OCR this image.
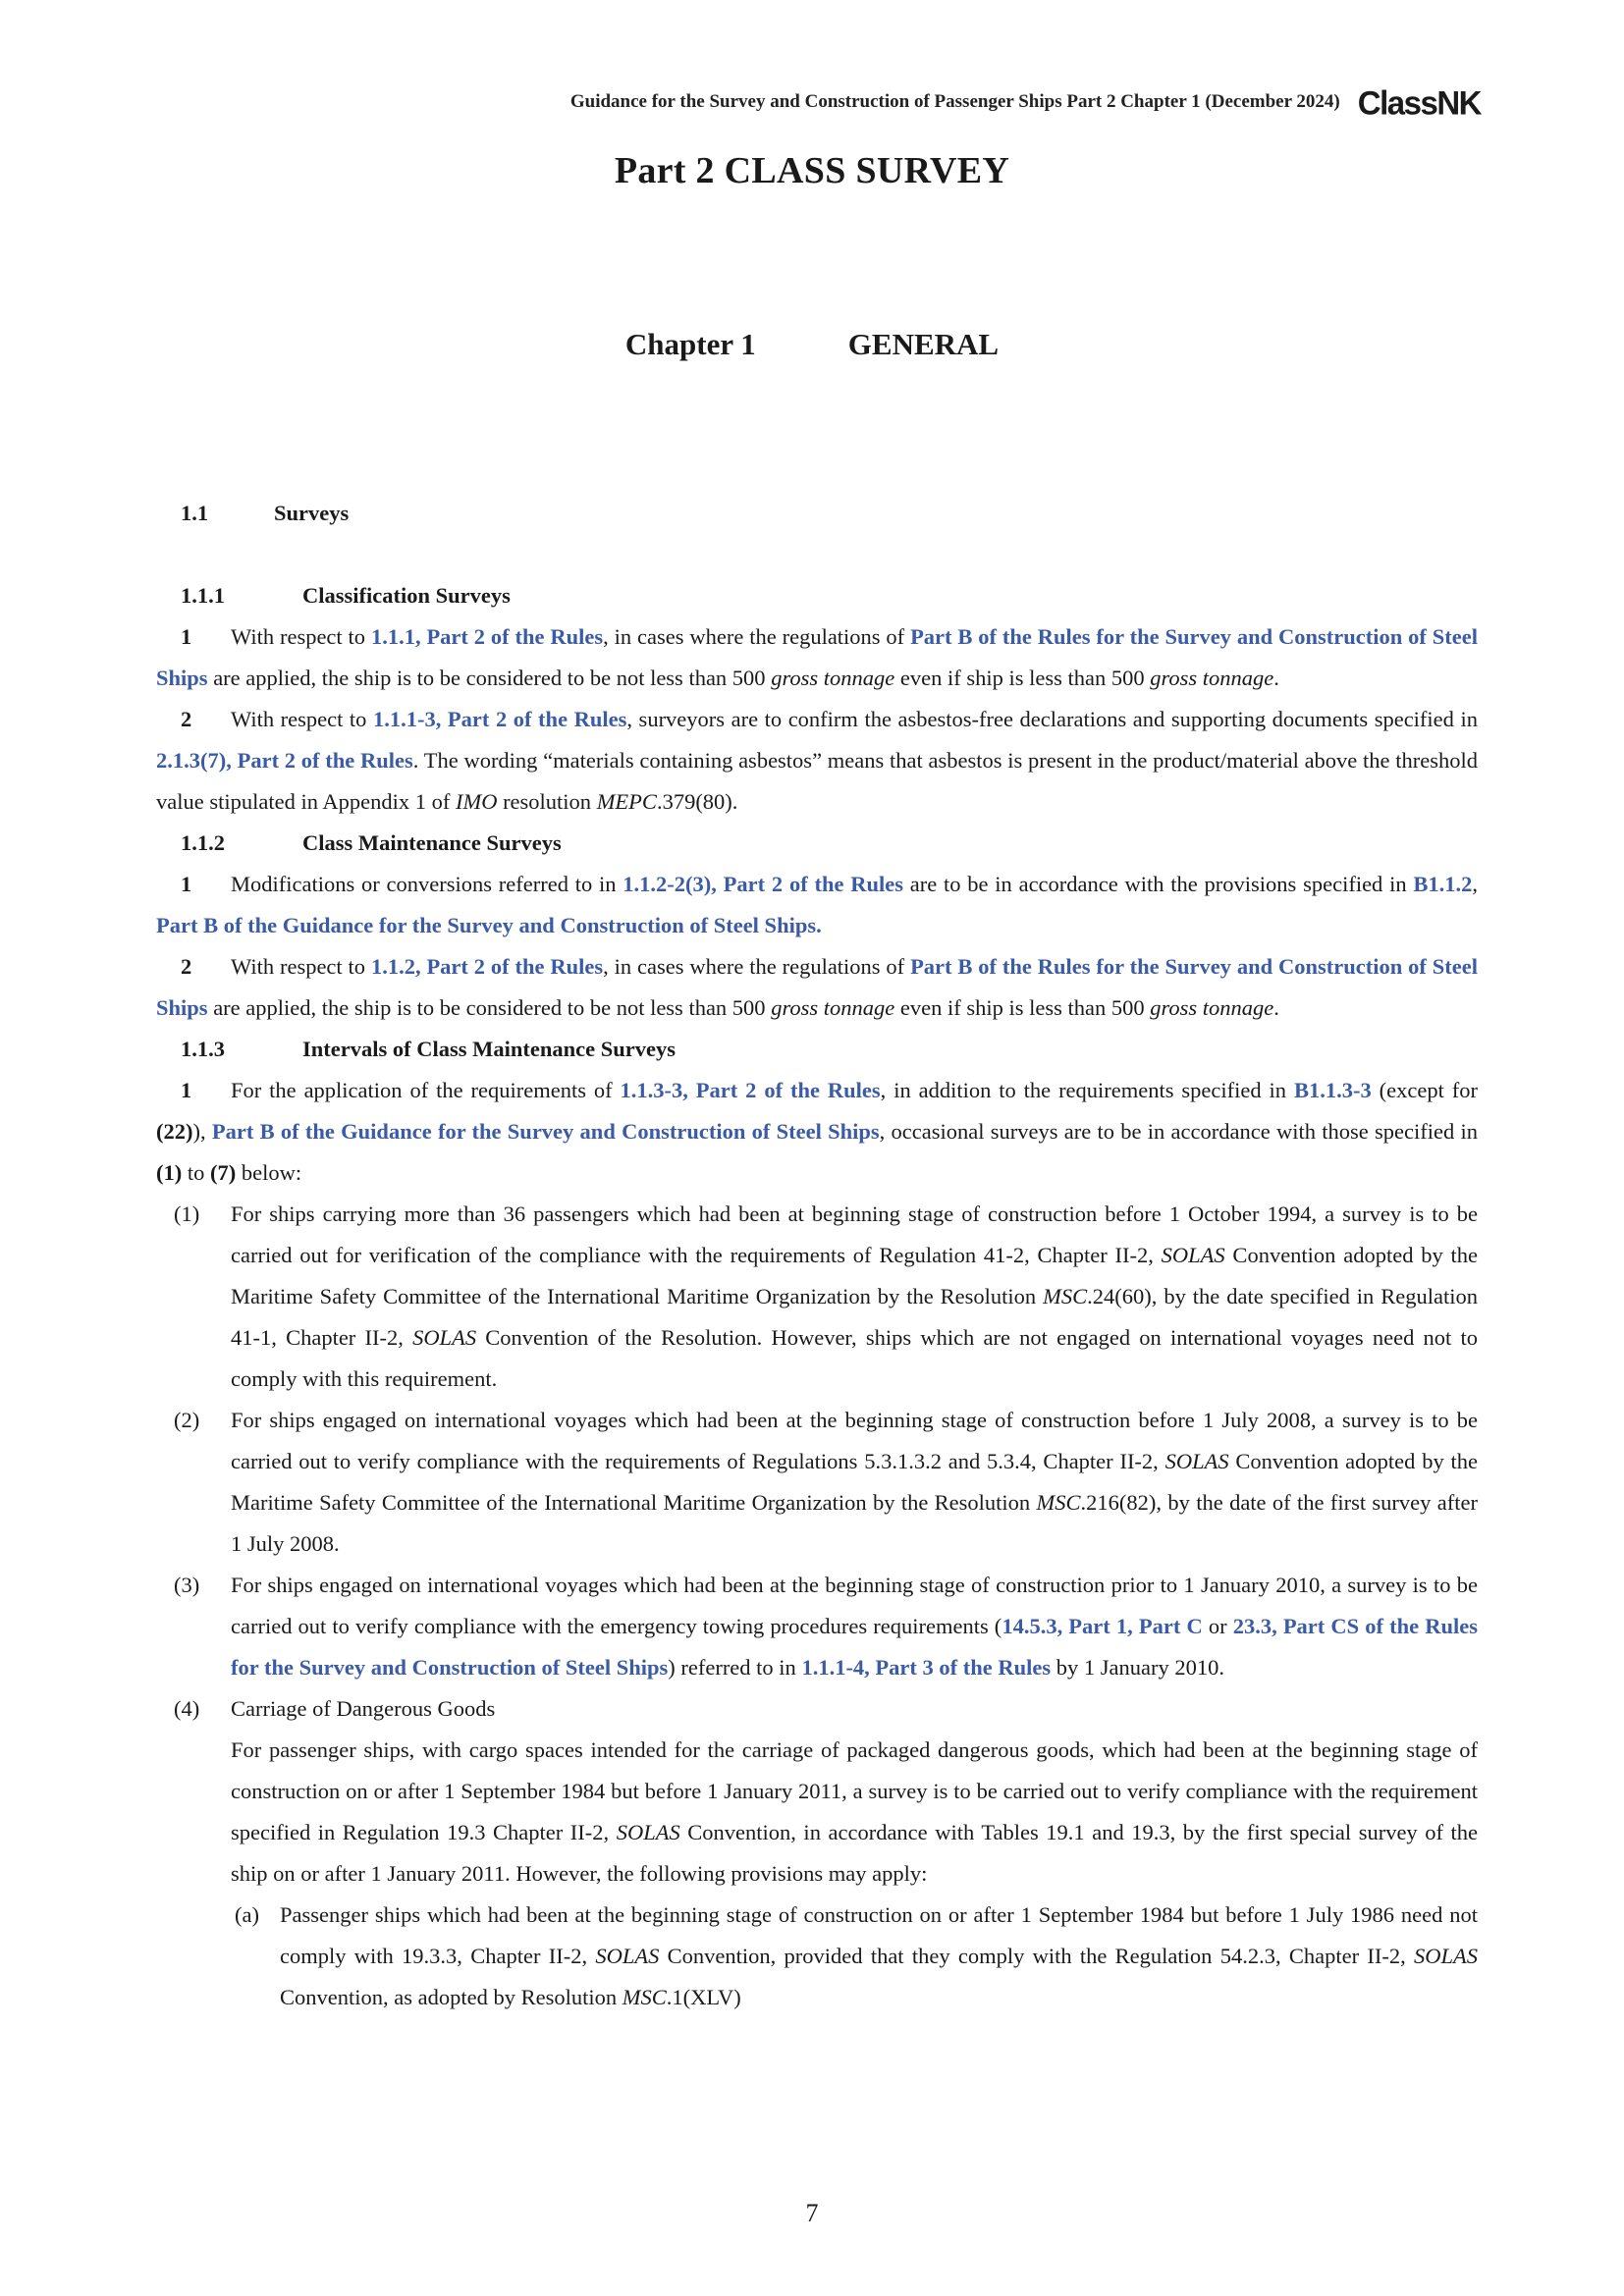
Guidance for the Survey and Construction of Passenger Ships Part 2 Chapter 1 (December 2024) ClassNK
Part 2 CLASS SURVEY
Chapter 1	GENERAL
1.1	Surveys
1.1.1	Classification Surveys

1 With respect to 1.1.1, Part 2 of the Rules, in cases where the regulations of Part B of the Rules for the Survey and Construction of Steel Ships are applied, the ship is to be considered to be not less than 500 gross tonnage even if ship is less than 500 gross tonnage.

2 With respect to 1.1.1-3, Part 2 of the Rules, surveyors are to confirm the asbestos-free declarations and supporting documents specified in 2.1.3(7), Part 2 of the Rules. The wording “materials containing asbestos” means that asbestos is present in the product/material above the threshold value stipulated in Appendix 1 of IMO resolution MEPC.379(80).

1.1.2	Class Maintenance Surveys

1 Modifications or conversions referred to in 1.1.2-2(3), Part 2 of the Rules are to be in accordance with the provisions specified in B1.1.2, Part B of the Guidance for the Survey and Construction of Steel Ships.

2 With respect to 1.1.2, Part 2 of the Rules, in cases where the regulations of Part B of the Rules for the Survey and Construction of Steel Ships are applied, the ship is to be considered to be not less than 500 gross tonnage even if ship is less than 500 gross tonnage.

1.1.3	Intervals of Class Maintenance Surveys

1 For the application of the requirements of 1.1.3-3, Part 2 of the Rules, in addition to the requirements specified in B1.1.3-3 (except for (22)), Part B of the Guidance for the Survey and Construction of Steel Ships, occasional surveys are to be in accordance with those specified in (1) to (7) below:

(1) For ships carrying more than 36 passengers which had been at beginning stage of construction before 1 October 1994, a survey is to be carried out for verification of the compliance with the requirements of Regulation 41-2, Chapter II-2, SOLAS Convention adopted by the Maritime Safety Committee of the International Maritime Organization by the Resolution MSC.24(60), by the date specified in Regulation 41-1, Chapter II-2, SOLAS Convention of the Resolution. However, ships which are not engaged on international voyages need not to comply with this requirement.

(2) For ships engaged on international voyages which had been at the beginning stage of construction before 1 July 2008, a survey is to be carried out to verify compliance with the requirements of Regulations 5.3.1.3.2 and 5.3.4, Chapter II-2, SOLAS Convention adopted by the Maritime Safety Committee of the International Maritime Organization by the Resolution MSC.216(82), by the date of the first survey after 1 July 2008.

(3) For ships engaged on international voyages which had been at the beginning stage of construction prior to 1 January 2010, a survey is to be carried out to verify compliance with the emergency towing procedures requirements (14.5.3, Part 1, Part C or 23.3, Part CS of the Rules for the Survey and Construction of Steel Ships) referred to in 1.1.1-4, Part 3 of the Rules by 1 January 2010.

(4) Carriage of Dangerous Goods

For passenger ships, with cargo spaces intended for the carriage of packaged dangerous goods, which had been at the beginning stage of construction on or after 1 September 1984 but before 1 January 2011, a survey is to be carried out to verify compliance with the requirement specified in Regulation 19.3 Chapter II-2, SOLAS Convention, in accordance with Tables 19.1 and 19.3, by the first special survey of the ship on or after 1 January 2011. However, the following provisions may apply:

(a) Passenger ships which had been at the beginning stage of construction on or after 1 September 1984 but before 1 July 1986 need not comply with 19.3.3, Chapter II-2, SOLAS Convention, provided that they comply with the Regulation 54.2.3, Chapter II-2, SOLAS Convention, as adopted by Resolution MSC.1(XLV)

7
